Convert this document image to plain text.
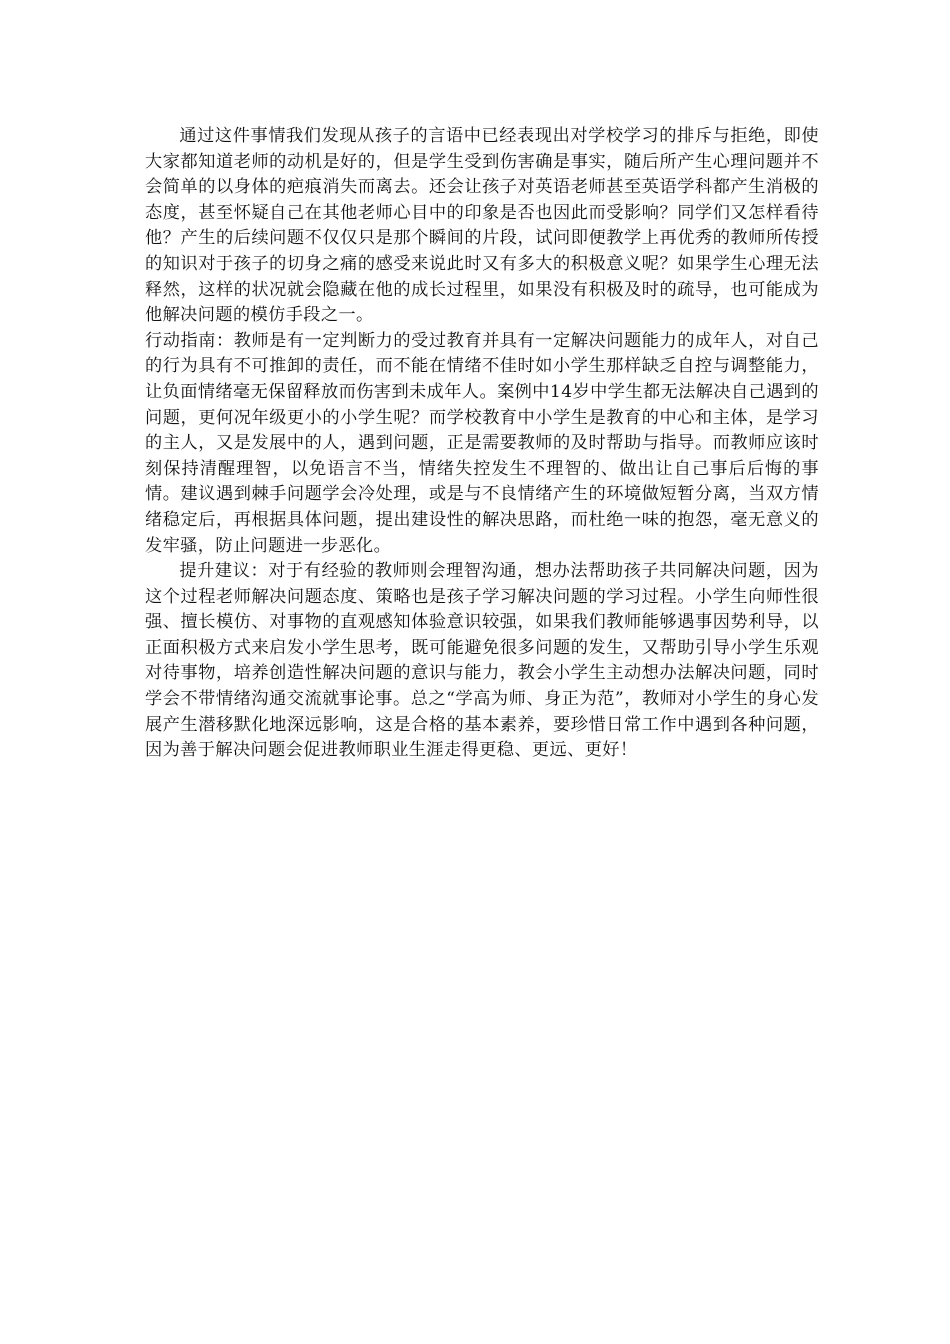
通过这件事情我们发现从孩子的言语中已经表现出对学校学习的排斥与拒绝，即使大家都知道老师的动机是好的，但是学生受到伤害确是事实，随后所产生心理问题并不会简单的以身体的疤痕消失而离去。还会让孩子对英语老师甚至英语学科都产生消极的态度，甚至怀疑自己在其他老师心目中的印象是否也因此而受影响？同学们又怎样看待他？产生的后续问题不仅仅只是那个瞬间的片段，试问即便教学上再优秀的教师所传授的知识对于孩子的切身之痛的感受来说此时又有多大的积极意义呢？如果学生心理无法释然，这样的状况就会隐藏在他的成长过程里，如果没有积极及时的疏导，也可能成为他解决问题的模仿手段之一。

行动指南：教师是有一定判断力的受过教育并具有一定解决问题能力的成年人，对自己的行为具有不可推卸的责任，而不能在情绪不佳时如小学生那样缺乏自控与调整能力，让负面情绪毫无保留释放而伤害到未成年人。案例中14岁中学生都无法解决自己遇到的问题，更何况年级更小的小学生呢？而学校教育中小学生是教育的中心和主体，是学习的主人，又是发展中的人，遇到问题，正是需要教师的及时帮助与指导。而教师应该时刻保持清醒理智，以免语言不当，情绪失控发生不理智的、做出让自己事后后悔的事情。建议遇到棘手问题学会冷处理，或是与不良情绪产生的环境做短暂分离，当双方情绪稳定后，再根据具体问题，提出建设性的解决思路，而杜绝一味的抱怨，毫无意义的发牢骚，防止问题进一步恶化。

提升建议：对于有经验的教师则会理智沟通，想办法帮助孩子共同解决问题，因为这个过程老师解决问题态度、策略也是孩子学习解决问题的学习过程。小学生向师性很强、擅长模仿、对事物的直观感知体验意识较强，如果我们教师能够遇事因势利导，以正面积极方式来启发小学生思考，既可能避免很多问题的发生，又帮助引导小学生乐观对待事物，培养创造性解决问题的意识与能力，教会小学生主动想办法解决问题，同时学会不带情绪沟通交流就事论事。总之“学高为师、身正为范”，教师对小学生的身心发展产生潜移默化地深远影响，这是合格的基本素养，要珍惜日常工作中遇到各种问题，因为善于解决问题会促进教师职业生涯走得更稳、更远、更好！
